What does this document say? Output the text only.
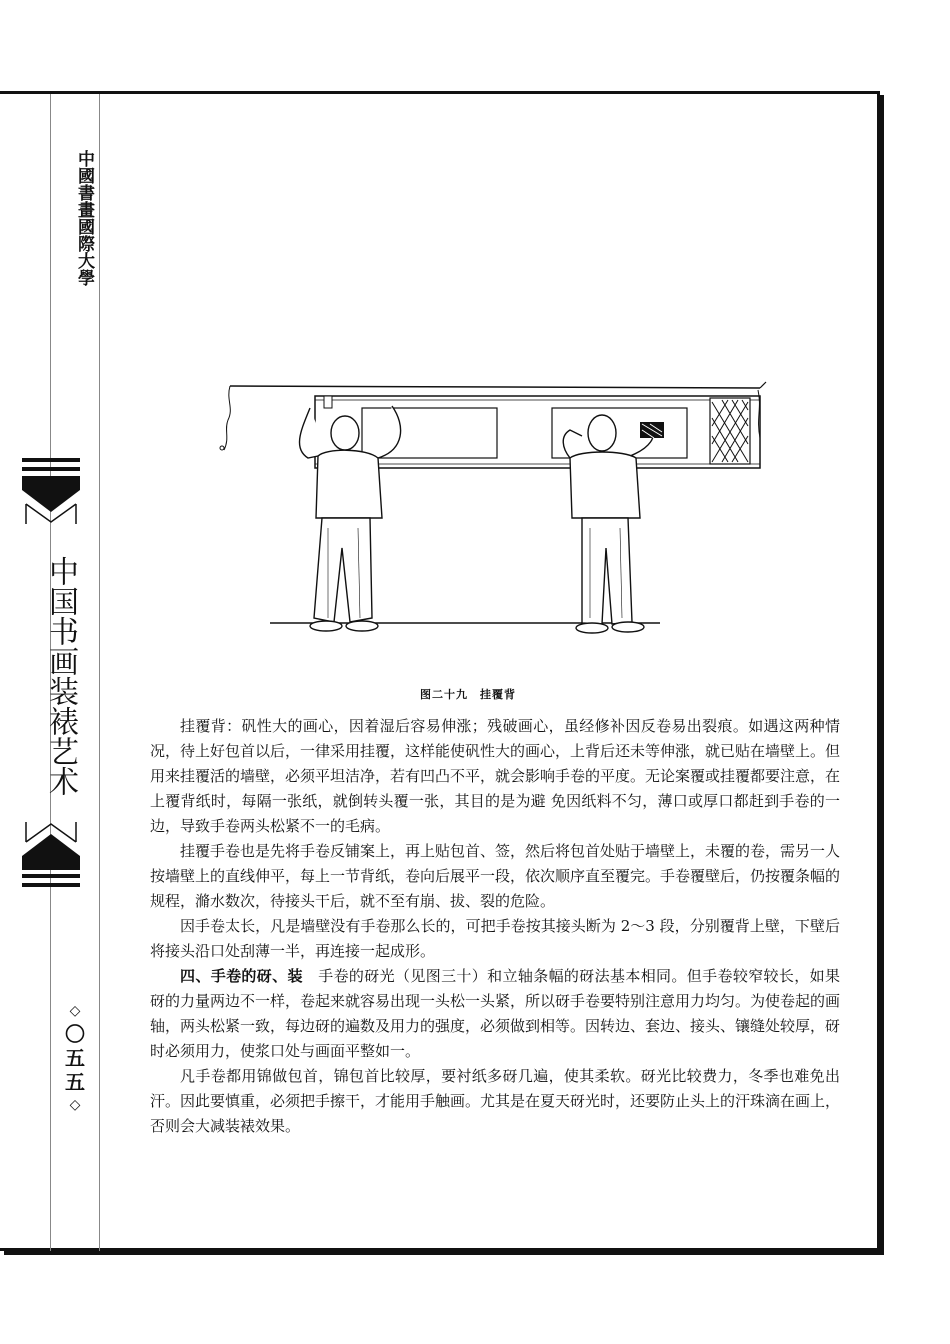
中國書畫國際大學
中国书画装裱艺术
◇
〇
五
五
◇
图二十九　挂覆背

挂覆背：矾性大的画心，因着湿后容易伸涨；残破画心，虽经修补因反卷易出裂痕。如遇这两种情况，待上好包首以后，一律采用挂覆，这样能使矾性大的画心，上背后还未等伸涨，就已贴在墙壁上。但用来挂覆活的墙壁，必须平坦洁净，若有凹凸不平，就会影响手卷的平度。无论案覆或挂覆都要注意，在上覆背纸时，每隔一张纸，就倒转头覆一张，其目的是为避 免因纸料不匀，薄口或厚口都赶到手卷的一边，导致手卷两头松紧不一的毛病。

挂覆手卷也是先将手卷反铺案上，再上贴包首、签，然后将包首处贴于墙壁上，未覆的卷，需另一人按墙壁上的直线伸平，每上一节背纸，卷向后展平一段，依次顺序直至覆完。手卷覆壁后，仍按覆条幅的规程，滫水数次，待接头干后，就不至有崩、拔、裂的危险。

因手卷太长，凡是墙壁没有手卷那么长的，可把手卷按其接头断为 2～3 段，分别覆背上壁，下壁后将接头沿口处刮薄一半，再连接一起成形。

四、手卷的砑、装　手卷的砑光（见图三十）和立轴条幅的砑法基本相同。但手卷较窄较长，如果砑的力量两边不一样，卷起来就容易出现一头松一头紧，所以砑手卷要特别注意用力均匀。为使卷起的画轴，两头松紧一致，每边砑的遍数及用力的强度，必须做到相等。因转边、套边、接头、镶缝处较厚，砑时必须用力，使浆口处与画面平整如一。

凡手卷都用锦做包首，锦包首比较厚，要衬纸多砑几遍，使其柔软。砑光比较费力，冬季也难免出汗。因此要慎重，必须把手擦干，才能用手触画。尤其是在夏天砑光时，还要防止头上的汗珠滴在画上，否则会大减装裱效果。
